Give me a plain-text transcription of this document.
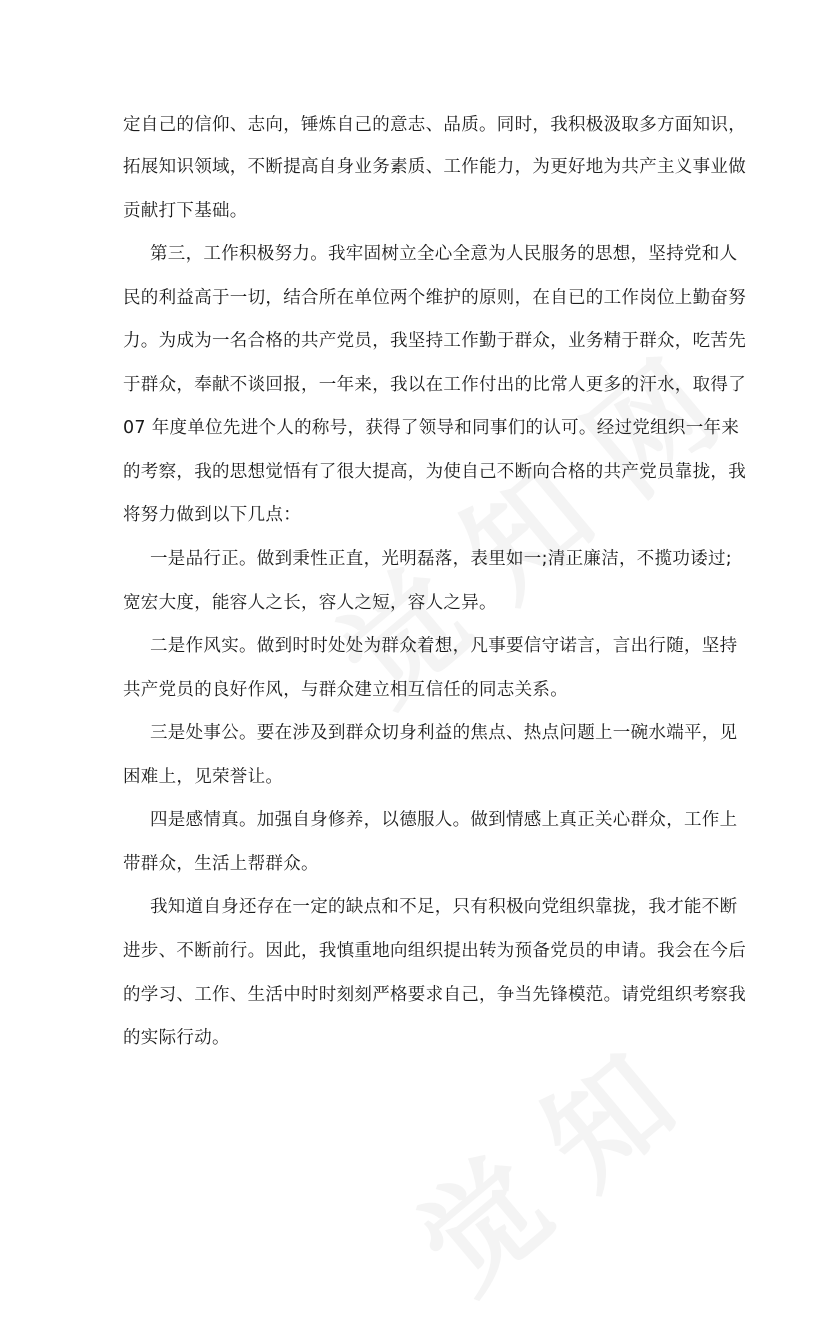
定自己的信仰、志向，锤炼自己的意志、品质。同时，我积极汲取多方面知识，
拓展知识领域，不断提高自身业务素质、工作能力，为更好地为共产主义事业做
贡献打下基础。
第三，工作积极努力。我牢固树立全心全意为人民服务的思想，坚持党和人
民的利益高于一切，结合所在单位两个维护的原则，在自已的工作岗位上勤奋努
力。为成为一名合格的共产党员，我坚持工作勤于群众，业务精于群众，吃苦先
于群众，奉献不谈回报，一年来，我以在工作付出的比常人更多的汗水，取得了
07 年度单位先进个人的称号，获得了领导和同事们的认可。经过党组织一年来
的考察，我的思想觉悟有了很大提高，为使自己不断向合格的共产党员靠拢，我
将努力做到以下几点：
一是品行正。做到秉性正直，光明磊落，表里如一;清正廉洁，不揽功诿过;
宽宏大度，能容人之长，容人之短，容人之异。
二是作风实。做到时时处处为群众着想，凡事要信守诺言，言出行随，坚持
共产党员的良好作风，与群众建立相互信任的同志关系。
三是处事公。要在涉及到群众切身利益的焦点、热点问题上一碗水端平，见
困难上，见荣誉让。
四是感情真。加强自身修养，以德服人。做到情感上真正关心群众，工作上
带群众，生活上帮群众。
我知道自身还存在一定的缺点和不足，只有积极向党组织靠拢，我才能不断
进步、不断前行。因此，我慎重地向组织提出转为预备党员的申请。我会在今后
的学习、工作、生活中时时刻刻严格要求自己，争当先锋模范。请党组织考察我
的实际行动。
